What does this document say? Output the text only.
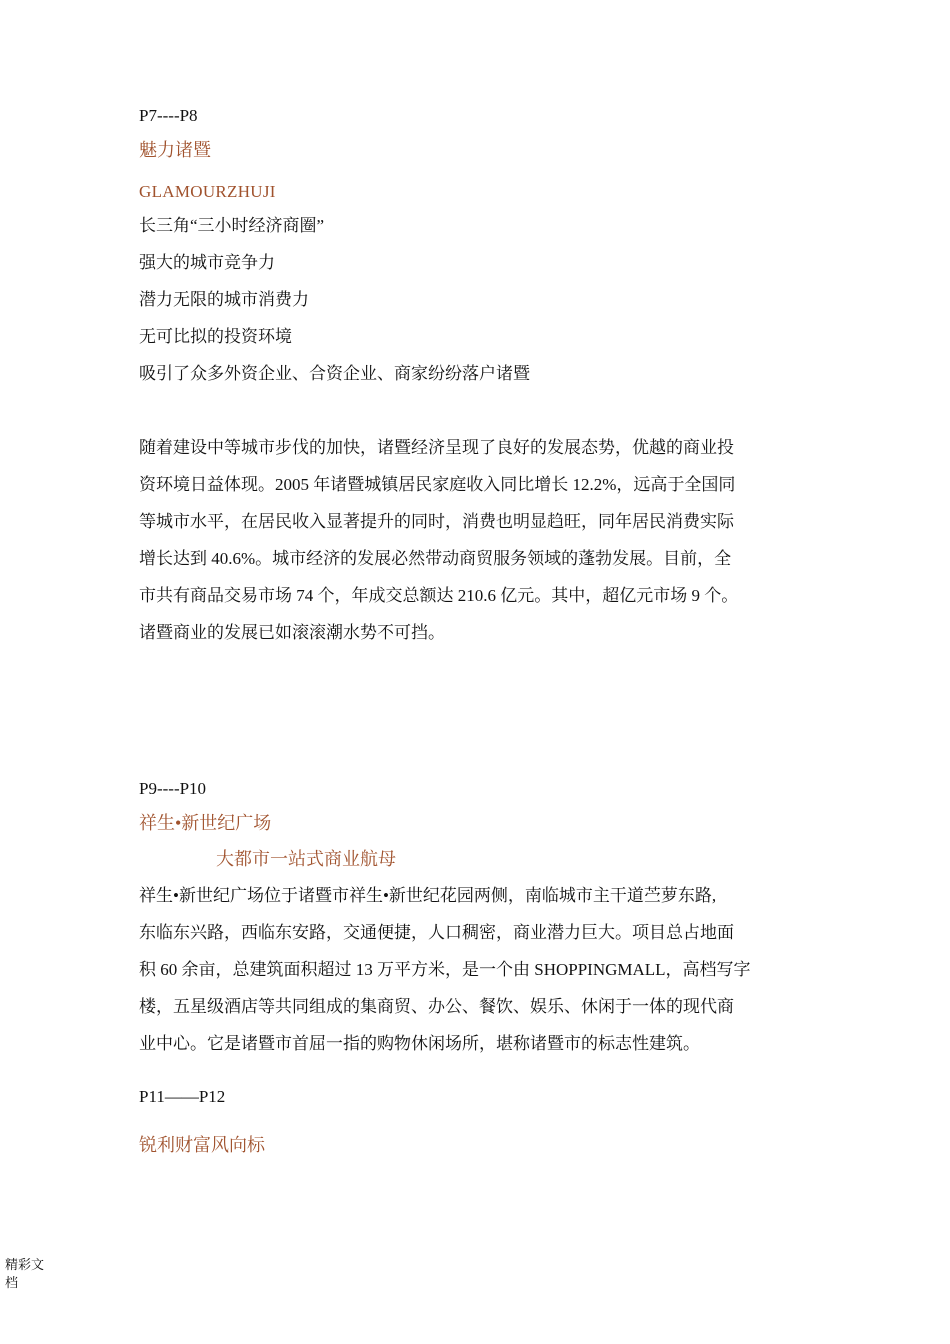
P7----P8
魅力诸暨
GLAMOURZHUJI
长三角“三小时经济商圈”
强大的城市竞争力
潜力无限的城市消费力
无可比拟的投资环境
吸引了众多外资企业、合资企业、商家纷纷落户诸暨
随着建设中等城市步伐的加快，诸暨经济呈现了良好的发展态势，优越的商业投
资环境日益体现。2005 年诸暨城镇居民家庭收入同比增长 12.2%，远高于全国同
等城市水平，在居民收入显著提升的同时，消费也明显趋旺，同年居民消费实际
增长达到 40.6%。城市经济的发展必然带动商贸服务领域的蓬勃发展。目前，全
市共有商品交易市场 74 个，年成交总额达 210.6 亿元。其中，超亿元市场 9 个。
诸暨商业的发展已如滚滚潮水势不可挡。
P9----P10
祥生•新世纪广场
大都市一站式商业航母
祥生•新世纪广场位于诸暨市祥生•新世纪花园两侧，南临城市主干道苎萝东路,
东临东兴路，西临东安路，交通便捷，人口稠密，商业潜力巨大。项目总占地面
积 60 余亩，总建筑面积超过 13 万平方米，是一个由 SHOPPINGMALL，高档写字
楼，五星级酒店等共同组成的集商贸、办公、餐饮、娱乐、休闲于一体的现代商
业中心。它是诸暨市首屈一指的购物休闲场所，堪称诸暨市的标志性建筑。
P11——P12
锐利财富风向标
精彩文档
